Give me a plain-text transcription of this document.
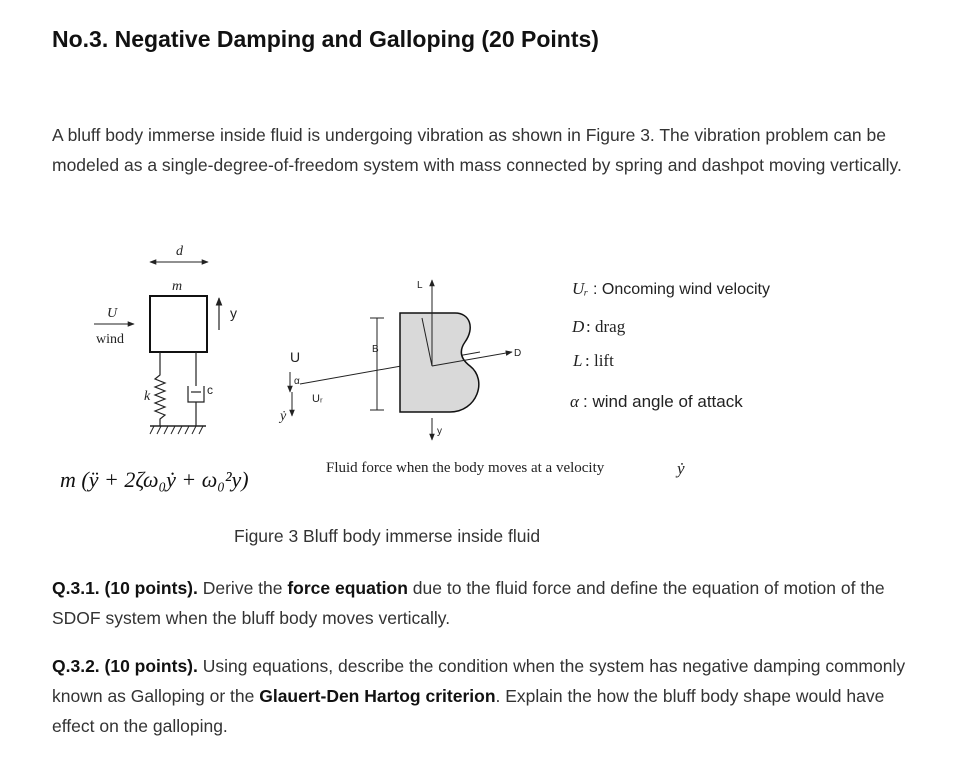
No.3. Negative Damping and Galloping (20 Points)

A bluff body immerse inside fluid is undergoing vibration as shown in Figure 3. The vibration problem can be modeled as a single-degree-of-freedom system with mass connected by spring and dashpot moving vertically.

d
m
y
U
wind
k	c
m (ÿ + 2ζω₀ẏ + ω₀²y)
U
α
ẏ
Uᵣ
B
L
D
y
Fluid force when the body moves at a velocity	ẏ
Uᵣ : Oncoming wind velocity
D : drag
L : lift
α : wind angle of attack

Figure 3 Bluff body immerse inside fluid

Q.3.1. (10 points). Derive the force equation due to the fluid force and define the equation of motion of the SDOF system when the bluff body moves vertically.

Q.3.2. (10 points). Using equations, describe the condition when the system has negative damping commonly known as Galloping or the Glauert-Den Hartog criterion. Explain the how the bluff body shape would have effect on the galloping.
